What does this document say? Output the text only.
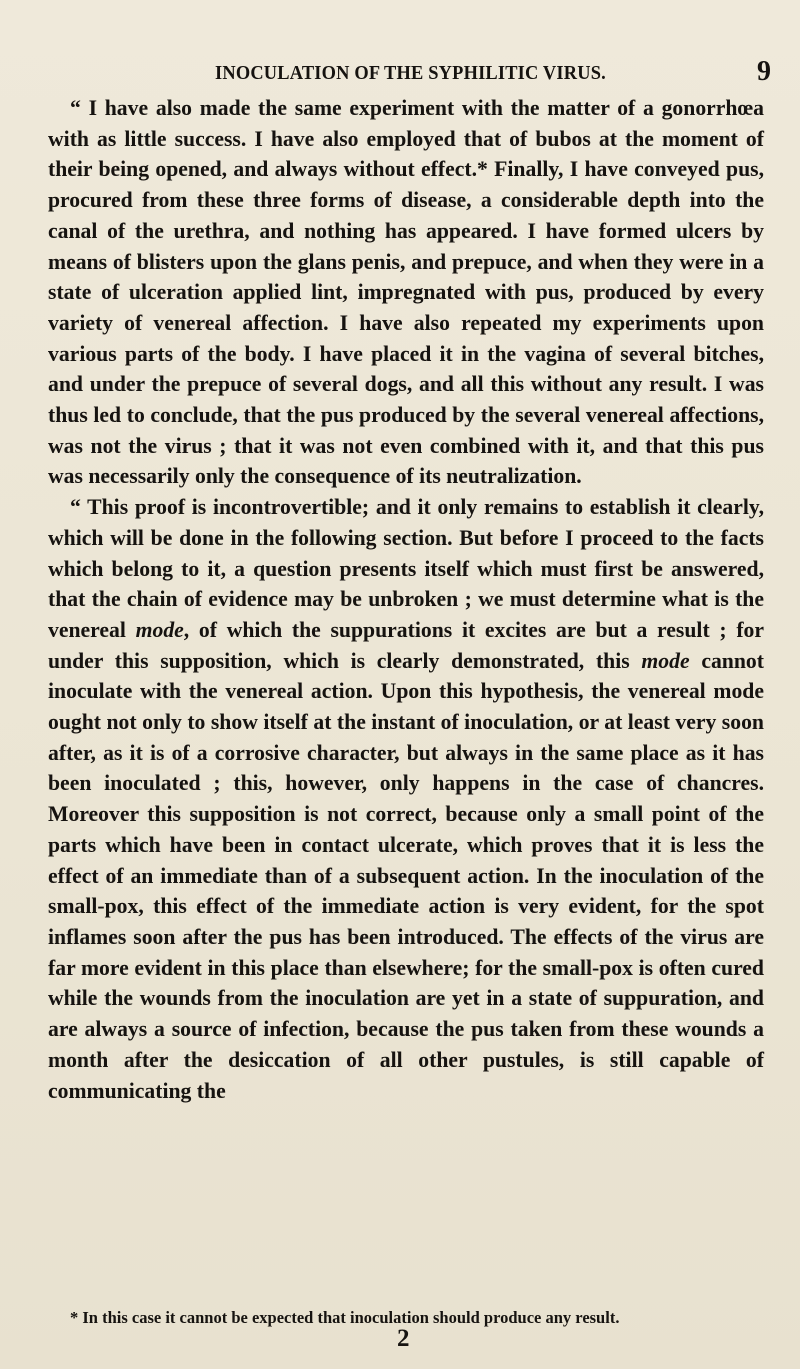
INOCULATION OF THE SYPHILITIC VIRUS.	9

“ I have also made the same experiment with the matter of a gonorrhœa with as little success. I have also employed that of bubos at the moment of their being opened, and always without effect.* Finally, I have conveyed pus, procured from these three forms of disease, a considerable depth into the canal of the urethra, and nothing has appeared. I have formed ulcers by means of blisters upon the glans penis, and prepuce, and when they were in a state of ulceration applied lint, impregnated with pus, produced by every variety of venereal affection. I have also repeated my experiments upon various parts of the body. I have placed it in the vagina of several bitches, and under the prepuce of several dogs, and all this without any result. I was thus led to conclude, that the pus produced by the several venereal affections, was not the virus ; that it was not even combined with it, and that this pus was necessarily only the consequence of its neutralization.

“ This proof is incontrovertible; and it only remains to establish it clearly, which will be done in the following section. But before I proceed to the facts which belong to it, a question presents itself which must first be answered, that the chain of evidence may be unbroken ; we must determine what is the venereal mode, of which the suppurations it excites are but a result ; for under this supposition, which is clearly demonstrated, this mode cannot inoculate with the venereal action. Upon this hypothesis, the venereal mode ought not only to show itself at the instant of inoculation, or at least very soon after, as it is of a corrosive character, but always in the same place as it has been inoculated ; this, however, only happens in the case of chancres. Moreover this supposition is not correct, because only a small point of the parts which have been in contact ulcerate, which proves that it is less the effect of an immediate than of a subsequent action. In the inoculation of the small-pox, this effect of the immediate action is very evident, for the spot inflames soon after the pus has been introduced. The effects of the virus are far more evident in this place than elsewhere; for the small-pox is often cured while the wounds from the inoculation are yet in a state of suppuration, and are always a source of infection, because the pus taken from these wounds a month after the desiccation of all other pustules, is still capable of communicating the

* In this case it cannot be expected that inoculation should produce any result.
2
